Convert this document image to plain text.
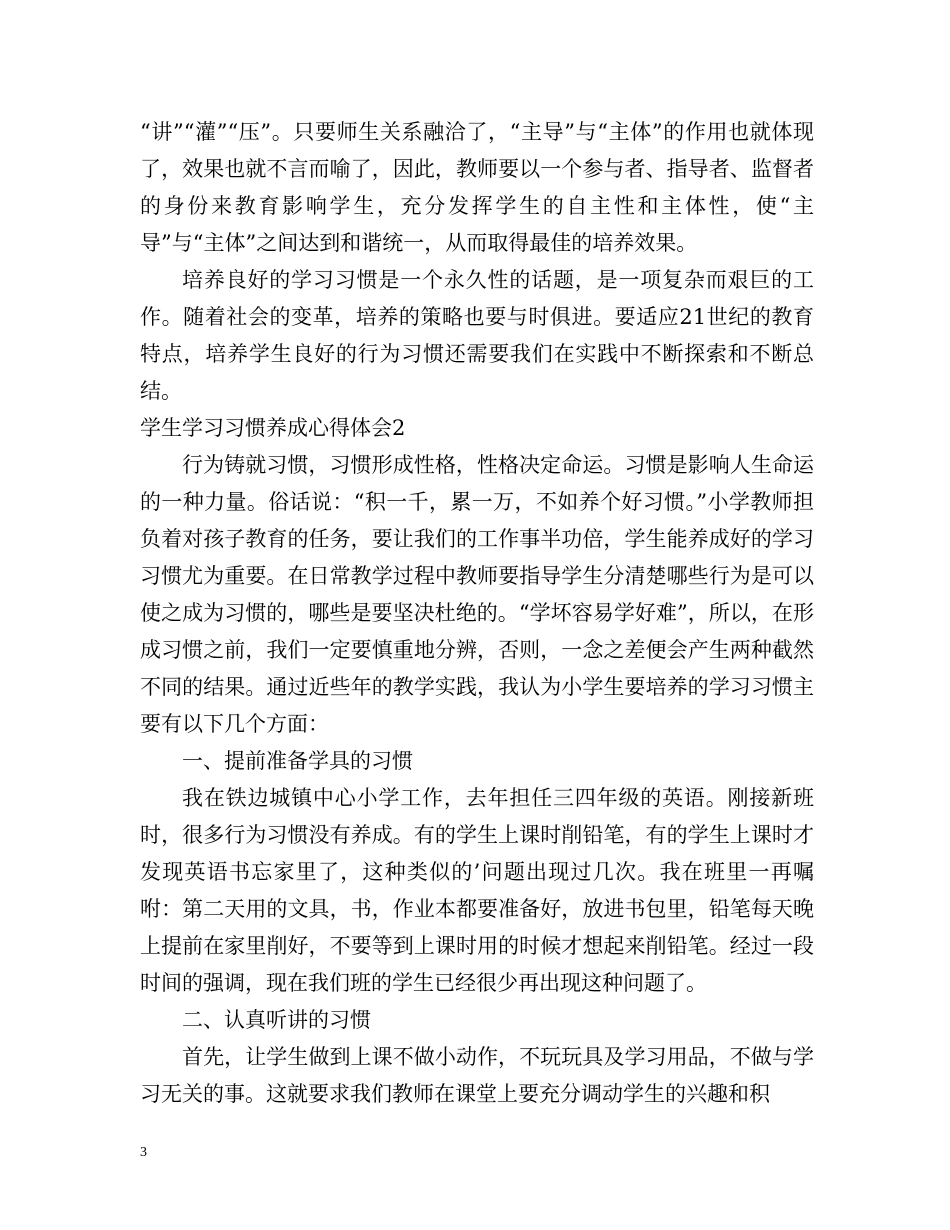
“讲”“灌”“压”。只要师生关系融洽了，“主导”与“主体”的作用也就体现了，效果也就不言而喻了，因此，教师要以一个参与者、指导者、监督者的身份来教育影响学生，充分发挥学生的自主性和主体性，使“主导”与“主体”之间达到和谐统一，从而取得最佳的培养效果。

培养良好的学习习惯是一个永久性的话题，是一项复杂而艰巨的工作。随着社会的变革，培养的策略也要与时俱进。要适应21世纪的教育特点，培养学生良好的行为习惯还需要我们在实践中不断探索和不断总结。

学生学习习惯养成心得体会2

行为铸就习惯，习惯形成性格，性格决定命运。习惯是影响人生命运的一种力量。俗话说：“积一千，累一万，不如养个好习惯。”小学教师担负着对孩子教育的任务，要让我们的工作事半功倍，学生能养成好的学习习惯尤为重要。在日常教学过程中教师要指导学生分清楚哪些行为是可以使之成为习惯的，哪些是要坚决杜绝的。“学坏容易学好难”，所以，在形成习惯之前，我们一定要慎重地分辨，否则，一念之差便会产生两种截然不同的结果。通过近些年的教学实践，我认为小学生要培养的学习习惯主要有以下几个方面：

一、提前准备学具的习惯

我在铁边城镇中心小学工作，去年担任三四年级的英语。刚接新班时，很多行为习惯没有养成。有的学生上课时削铅笔，有的学生上课时才发现英语书忘家里了，这种类似的’问题出现过几次。我在班里一再嘱咐：第二天用的文具，书，作业本都要准备好，放进书包里，铅笔每天晚上提前在家里削好，不要等到上课时用的时候才想起来削铅笔。经过一段时间的强调，现在我们班的学生已经很少再出现这种问题了。

二、认真听讲的习惯

首先，让学生做到上课不做小动作，不玩玩具及学习用品，不做与学习无关的事。这就要求我们教师在课堂上要充分调动学生的兴趣和积

3
